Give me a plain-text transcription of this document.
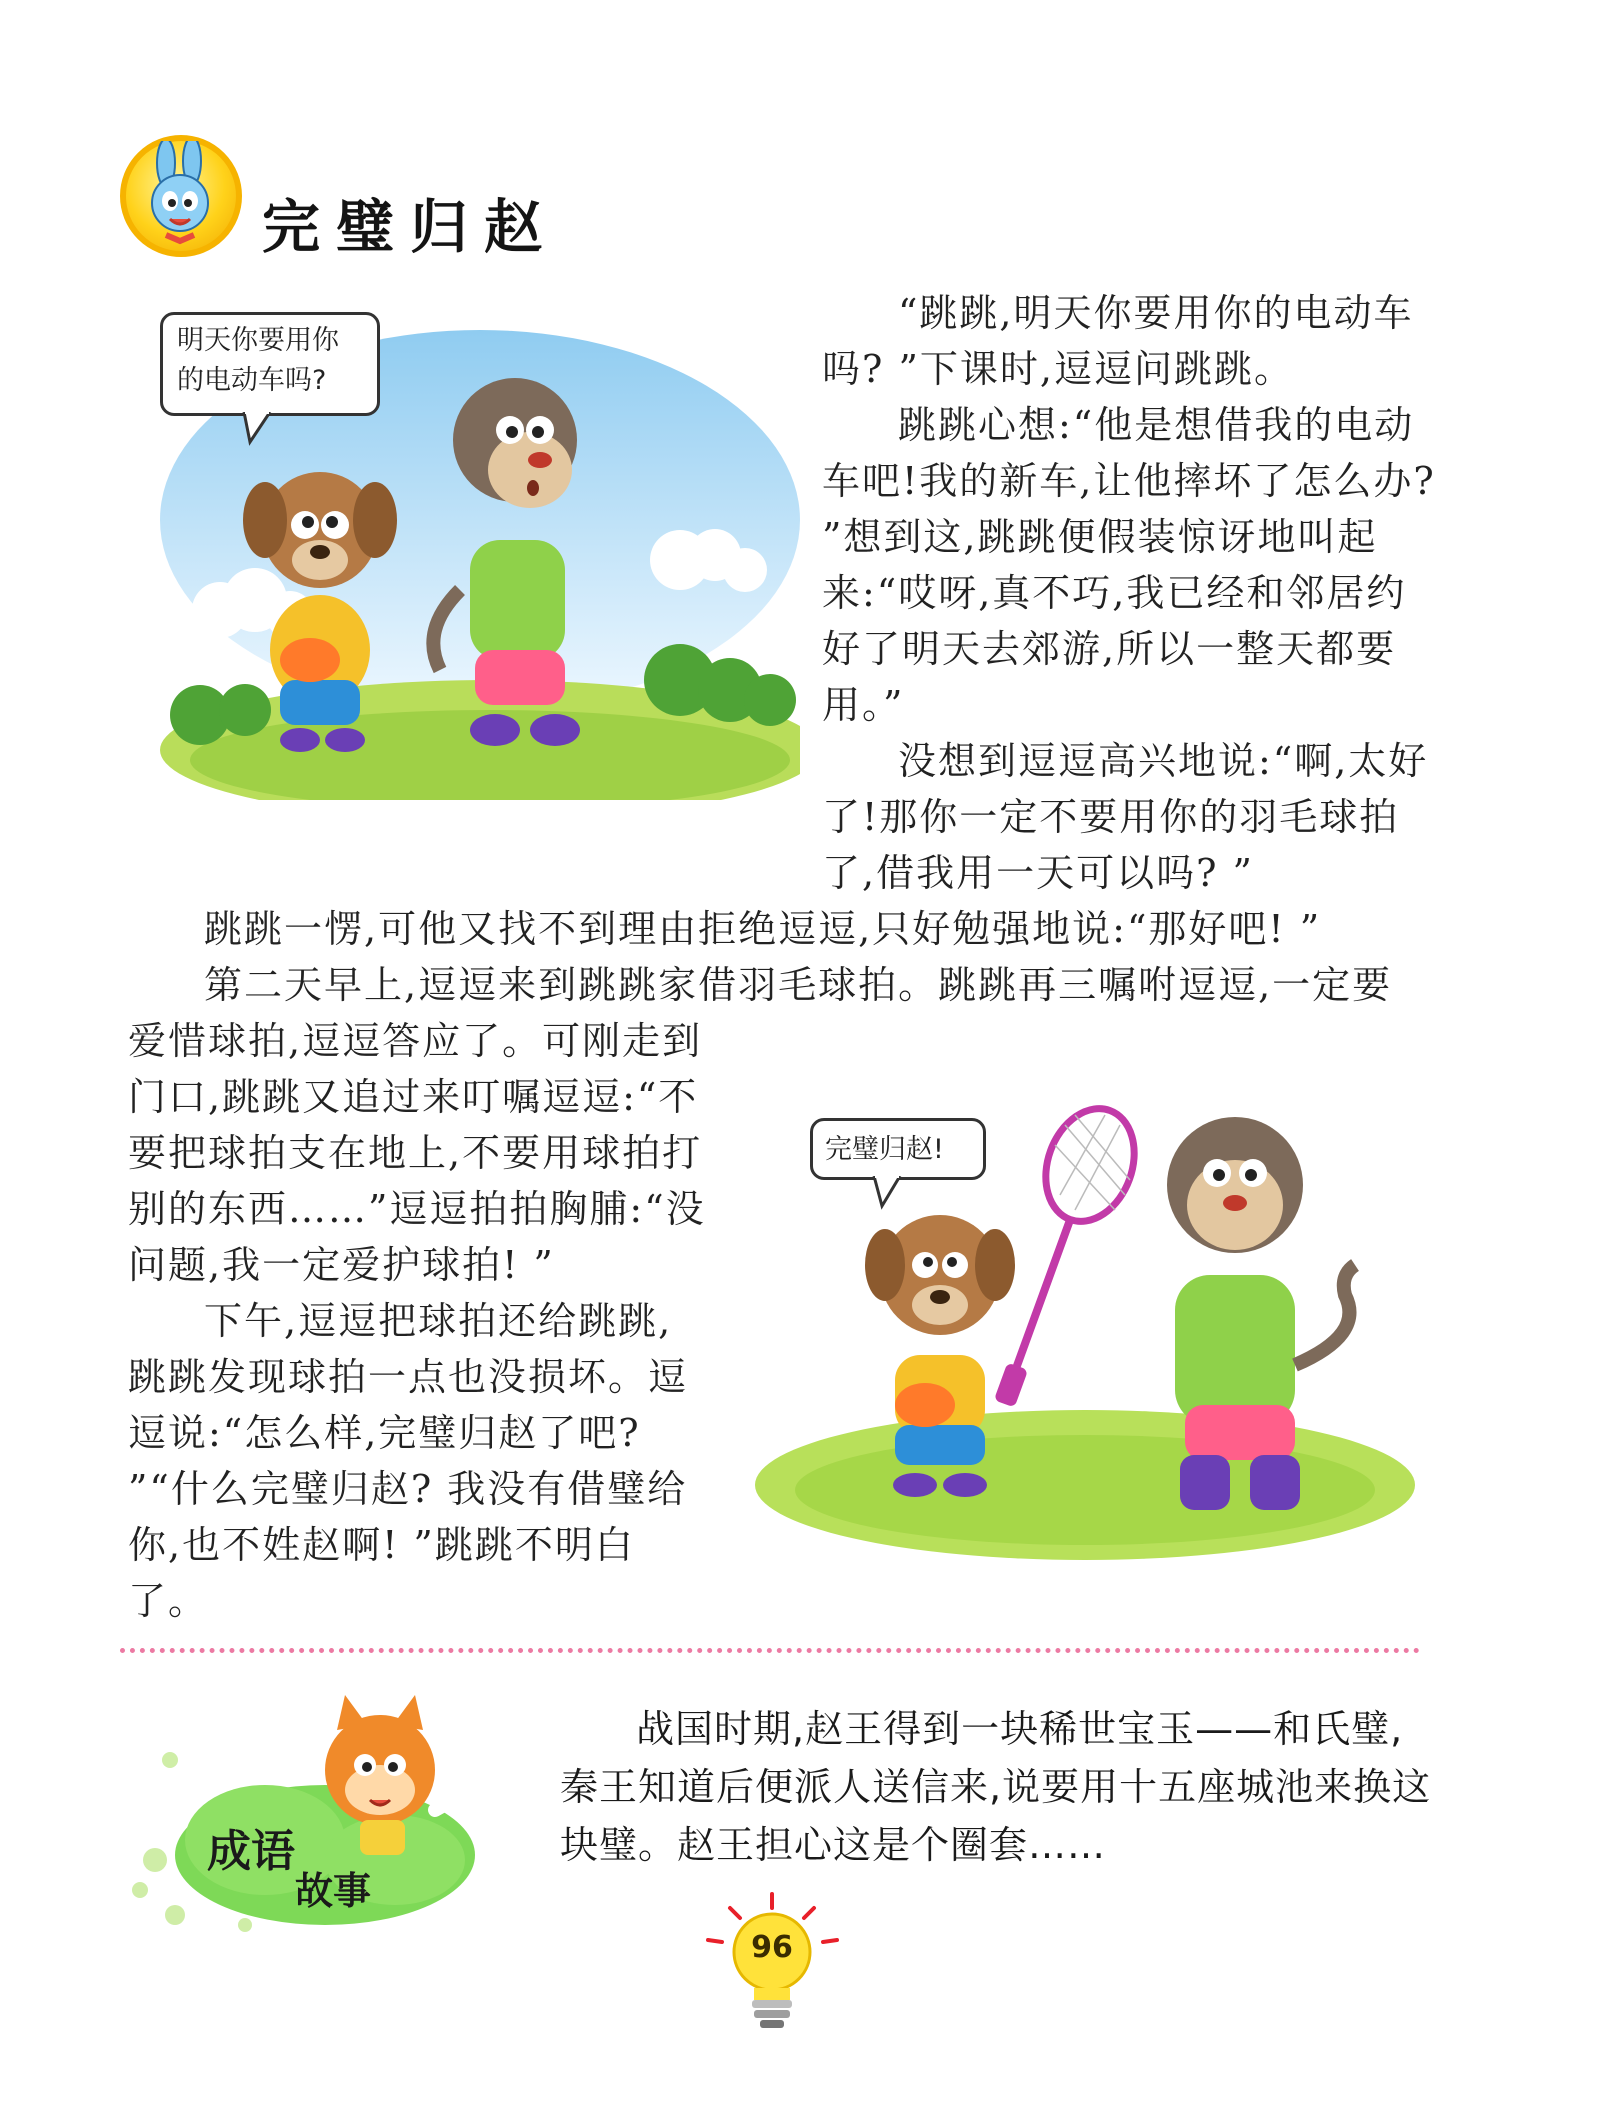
完璧归赵
明天你要用你的电动车吗?
“跳跳,明天你要用你的电动车吗? ”下课时,逗逗问跳跳。
跳跳心想:“他是想借我的电动车吧!我的新车,让他摔坏了怎么办? ”想到这,跳跳便假装惊讶地叫起来:“哎呀,真不巧,我已经和邻居约好了明天去郊游,所以一整天都要用。”
没想到逗逗高兴地说:“啊,太好了!那你一定不要用你的羽毛球拍了,借我用一天可以吗? ”
跳跳一愣,可他又找不到理由拒绝逗逗,只好勉强地说:“那好吧! ”
第二天早上,逗逗来到跳跳家借羽毛球拍。跳跳再三嘱咐逗逗,一定要
爱惜球拍,逗逗答应了。可刚走到门口,跳跳又追过来叮嘱逗逗:“不要把球拍支在地上,不要用球拍打别的东西……”逗逗拍拍胸脯:“没问题,我一定爱护球拍! ”
下午,逗逗把球拍还给跳跳,跳跳发现球拍一点也没损坏。逗逗说:“怎么样,完璧归赵了吧? ”“什么完璧归赵? 我没有借璧给你,也不姓赵啊! ”跳跳不明白了。
完璧归赵!
成语
故事
战国时期,赵王得到一块稀世宝玉——和氏璧,秦王知道后便派人送信来,说要用十五座城池来换这块璧。赵王担心这是个圈套……
96
